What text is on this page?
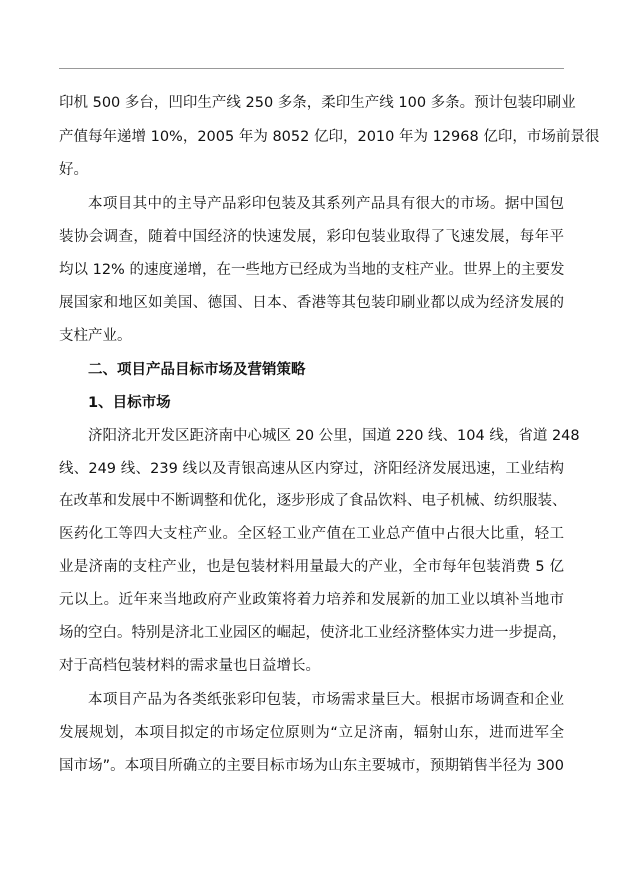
印机 500 多台，凹印生产线 250 多条，柔印生产线 100 多条。预计包装印刷业
产值每年递增 10%，2005 年为 8052 亿印，2010 年为 12968 亿印，市场前景很
好。
本项目其中的主导产品彩印包装及其系列产品具有很大的市场。据中国包
装协会调查，随着中国经济的快速发展，彩印包装业取得了飞速发展，每年平
均以 12% 的速度递增，在一些地方已经成为当地的支柱产业。世界上的主要发
展国家和地区如美国、德国、日本、香港等其包装印刷业都以成为经济发展的
支柱产业。
二、项目产品目标市场及营销策略
1、目标市场
济阳济北开发区距济南中心城区 20 公里，国道 220 线、104 线，省道 248
线、249 线、239 线以及青银高速从区内穿过，济阳经济发展迅速，工业结构
在改革和发展中不断调整和优化，逐步形成了食品饮料、电子机械、纺织服装、
医药化工等四大支柱产业。全区轻工业产值在工业总产值中占很大比重，轻工
业是济南的支柱产业，也是包装材料用量最大的产业，全市每年包装消费 5 亿
元以上。近年来当地政府产业政策将着力培养和发展新的加工业以填补当地市
场的空白。特别是济北工业园区的崛起，使济北工业经济整体实力进一步提高，
对于高档包装材料的需求量也日益增长。
本项目产品为各类纸张彩印包装，市场需求量巨大。根据市场调查和企业
发展规划，本项目拟定的市场定位原则为“立足济南，辐射山东，进而进军全
国市场”。本项目所确立的主要目标市场为山东主要城市，预期销售半径为 300
